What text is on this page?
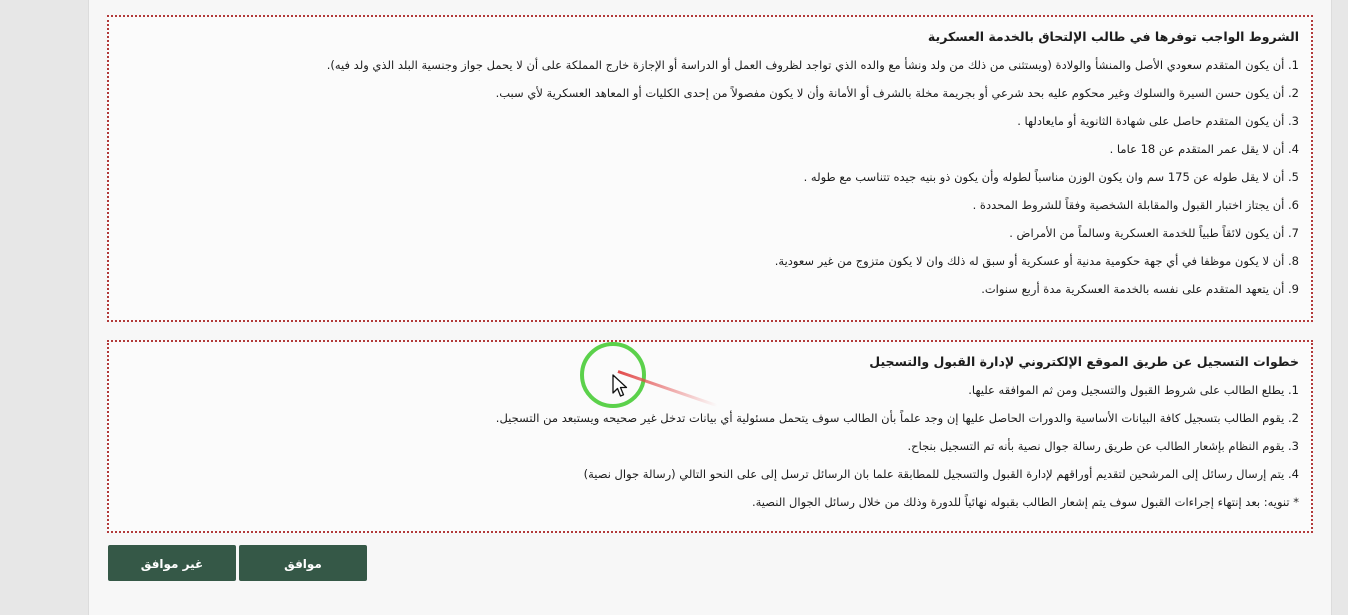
الشروط الواجب توفرها في طالب الإلتحاق بالخدمة العسكرية
1. أن يكون المتقدم سعودي الأصل والمنشأ والولادة (ويستثنى من ذلك من ولد ونشأ مع والده الذي تواجد لظروف العمل أو الدراسة أو الإجازة خارج المملكة على أن لا يحمل جواز وجنسية البلد الذي ولد فيه).
2. أن يكون حسن السيرة والسلوك وغير محكوم عليه بحد شرعي أو بجريمة مخلة بالشرف أو الأمانة وأن لا يكون مفصولاً من إحدى الكليات أو المعاهد العسكرية لأي سبب.
3. أن يكون المتقدم حاصل على شهادة الثانوية أو مايعادلها .
4. أن لا يقل عمر المتقدم عن 18 عاما .
5. أن لا يقل طوله عن 175 سم وان يكون الوزن مناسباً لطوله وأن يكون ذو بنيه جيده تتناسب مع طوله .
6. أن يجتاز اختبار القبول والمقابلة الشخصية وفقاً للشروط المحددة .
7. أن يكون لائقاً طبياً للخدمة العسكرية وسالماً من الأمراض .
8. أن لا يكون موظفا في أي جهة حكومية مدنية أو عسكرية أو سبق له ذلك وان لا يكون متزوج من غير سعودية.
9. أن يتعهد المتقدم على نفسه بالخدمة العسكرية مدة أربع سنوات.
خطوات التسجيل عن طريق الموقع الإلكتروني لإدارة القبول والتسجيل
1. يطلع الطالب على شروط القبول والتسجيل ومن ثم الموافقه عليها.
2. يقوم الطالب بتسجيل كافة البيانات الأساسية والدورات الحاصل عليها إن وجد علماً بأن الطالب سوف يتحمل مسئولية أي بيانات تدخل غير صحيحه ويستبعد من التسجيل.
3. يقوم النظام بإشعار الطالب عن طريق رسالة جوال نصية بأنه تم التسجيل بنجاح.
4. يتم إرسال رسائل إلى المرشحين لتقديم أوراقهم لإدارة القبول والتسجيل للمطابقة علما بان الرسائل ترسل إلى على النحو التالي (رسالة جوال نصية)
* تنويه: بعد إنتهاء إجراءات القبول سوف يتم إشعار الطالب بقبوله نهائياً للدورة وذلك من خلال رسائل الجوال النصية.
موافق
غير موافق
